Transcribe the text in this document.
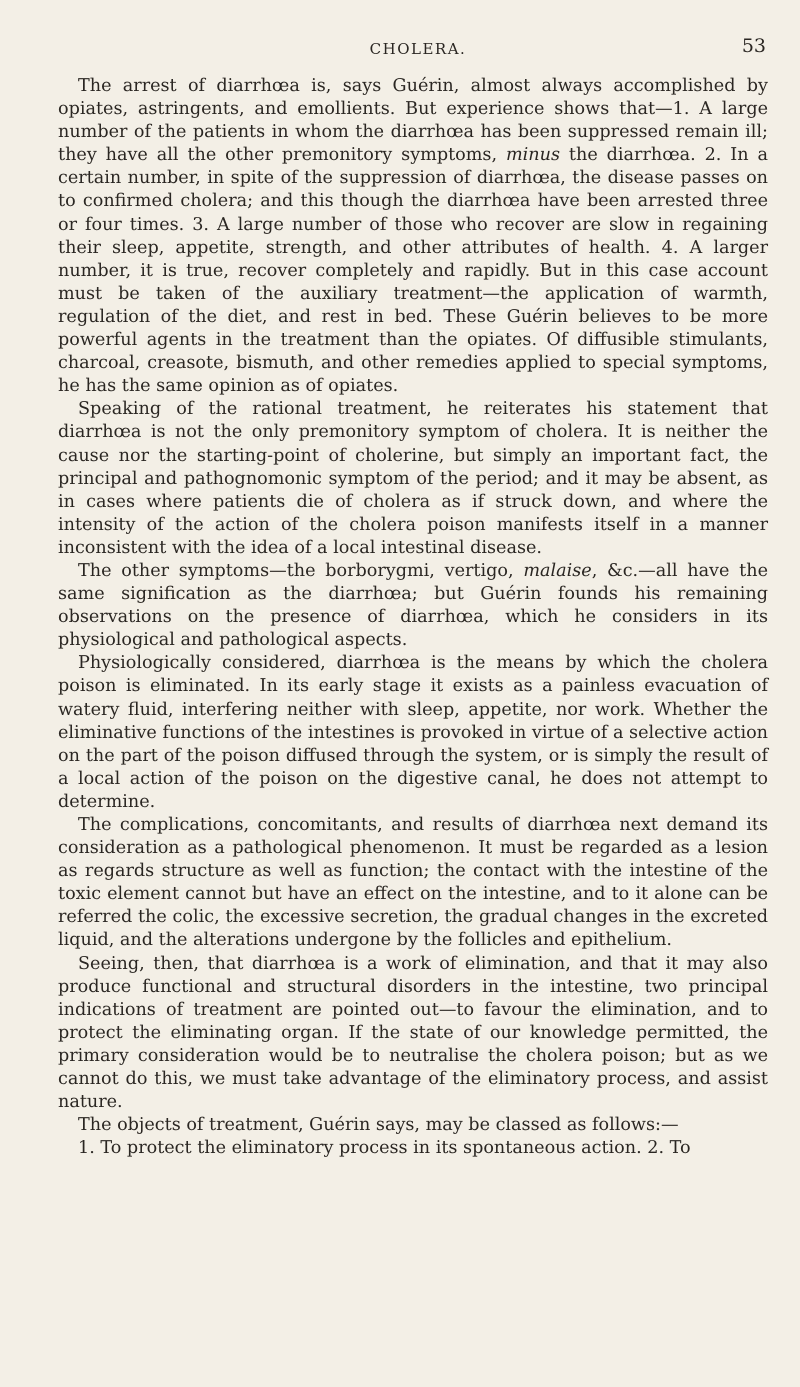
CHOLERA.	53

The arrest of diarrhœa is, says Guérin, almost always accomplished by opiates, astringents, and emollients. But experience shows that—1. A large number of the patients in whom the diarrhœa has been suppressed remain ill; they have all the other premonitory symptoms, minus the diarrhœa. 2. In a certain number, in spite of the suppression of diarrhœa, the disease passes on to confirmed cholera; and this though the diarrhœa have been arrested three or four times. 3. A large number of those who recover are slow in regaining their sleep, appetite, strength, and other attributes of health. 4. A larger number, it is true, recover completely and rapidly. But in this case account must be taken of the auxiliary treatment—the application of warmth, regulation of the diet, and rest in bed. These Guérin believes to be more powerful agents in the treatment than the opiates. Of diffusible stimulants, charcoal, creasote, bismuth, and other remedies applied to special symptoms, he has the same opinion as of opiates.

Speaking of the rational treatment, he reiterates his statement that diarrhœa is not the only premonitory symptom of cholera. It is neither the cause nor the starting-point of cholerine, but simply an important fact, the principal and pathognomonic symptom of the period; and it may be absent, as in cases where patients die of cholera as if struck down, and where the intensity of the action of the cholera poison manifests itself in a manner inconsistent with the idea of a local intestinal disease.

The other symptoms—the borborygmi, vertigo, malaise, &c.—all have the same signification as the diarrhœa; but Guérin founds his remaining observations on the presence of diarrhœa, which he considers in its physiological and pathological aspects.

Physiologically considered, diarrhœa is the means by which the cholera poison is eliminated. In its early stage it exists as a painless evacuation of watery fluid, interfering neither with sleep, appetite, nor work. Whether the eliminative functions of the intestines is provoked in virtue of a selective action on the part of the poison diffused through the system, or is simply the result of a local action of the poison on the digestive canal, he does not attempt to determine.

The complications, concomitants, and results of diarrhœa next demand its consideration as a pathological phenomenon. It must be regarded as a lesion as regards structure as well as function; the contact with the intestine of the toxic element cannot but have an effect on the intestine, and to it alone can be referred the colic, the excessive secretion, the gradual changes in the excreted liquid, and the alterations undergone by the follicles and epithelium.

Seeing, then, that diarrhœa is a work of elimination, and that it may also produce functional and structural disorders in the intestine, two principal indications of treatment are pointed out—to favour the elimination, and to protect the eliminating organ. If the state of our knowledge permitted, the primary consideration would be to neutralise the cholera poison; but as we cannot do this, we must take advantage of the eliminatory process, and assist nature.

The objects of treatment, Guérin says, may be classed as follows:—

1. To protect the eliminatory process in its spontaneous action. 2. To
